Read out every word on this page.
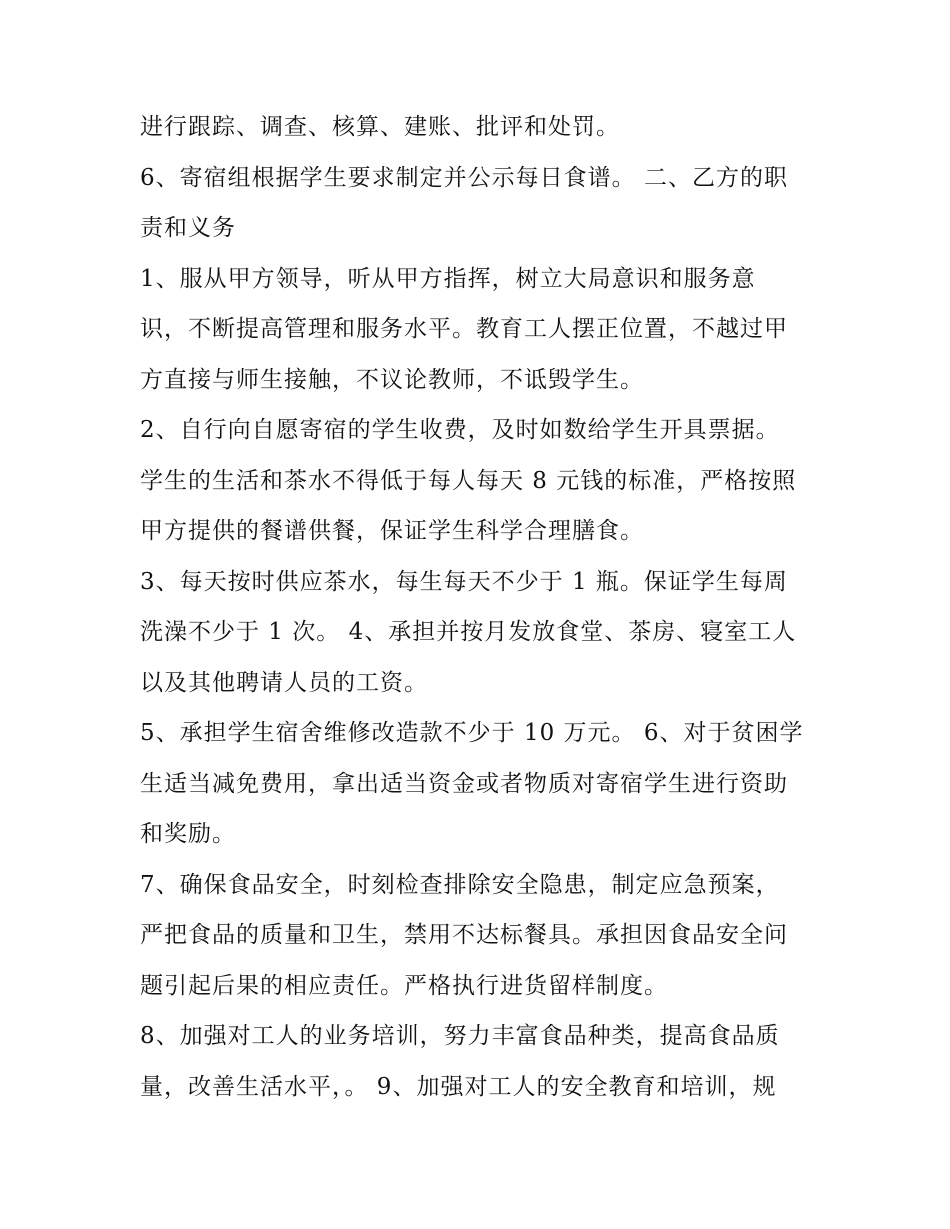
进行跟踪、调查、核算、建账、批评和处罚。
6、寄宿组根据学生要求制定并公示每日食谱。 二、乙方的职
责和义务
1、服从甲方领导，听从甲方指挥，树立大局意识和服务意
识，不断提高管理和服务水平。教育工人摆正位置，不越过甲
方直接与师生接触，不议论教师，不诋毁学生。
2、自行向自愿寄宿的学生收费，及时如数给学生开具票据。
学生的生活和茶水不得低于每人每天 8 元钱的标准，严格按照
甲方提供的餐谱供餐，保证学生科学合理膳食。
3、每天按时供应茶水，每生每天不少于 1 瓶。保证学生每周
洗澡不少于 1 次。 4、承担并按月发放食堂、茶房、寝室工人
以及其他聘请人员的工资。
5、承担学生宿舍维修改造款不少于 10 万元。 6、对于贫困学
生适当减免费用，拿出适当资金或者物质对寄宿学生进行资助
和奖励。
7、确保食品安全，时刻检查排除安全隐患，制定应急预案，
严把食品的质量和卫生，禁用不达标餐具。承担因食品安全问
题引起后果的相应责任。严格执行进货留样制度。
8、加强对工人的业务培训，努力丰富食品种类，提高食品质
量，改善生活水平，。 9、加强对工人的安全教育和培训，规
